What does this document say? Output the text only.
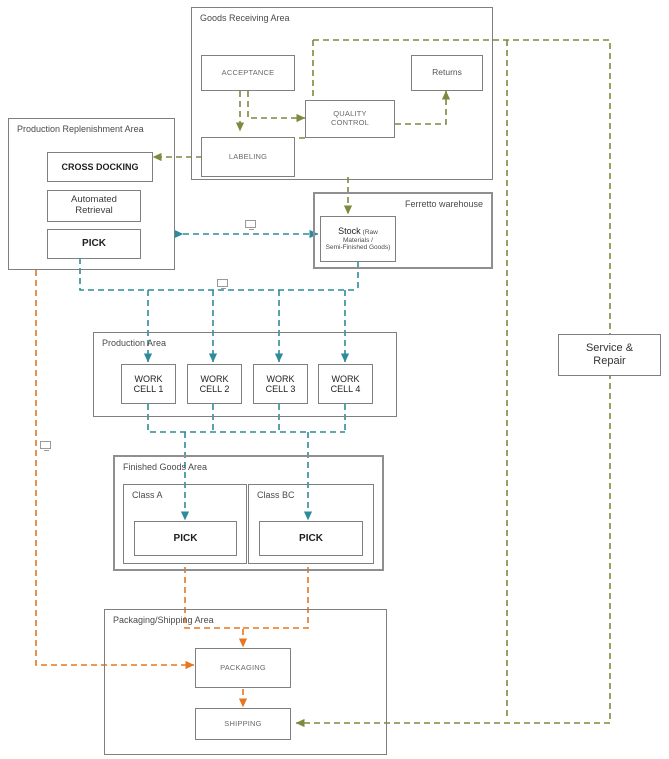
Goods Receiving Area
Production Replenishment Area
Ferretto warehouse
Production Area
Finished Goods Area
Class A	Class BC
Packaging/Shipping Area
ACCEPTANCE	Returns
QUALITY
CONTROL
LABELING
CROSS DOCKING
Automated
Retrieval
PICK
Stock (Raw
Materials /
Semi-Finished Goods)
Service &
Repair
WORK
CELL 1
WORK
CELL 2
WORK
CELL 3
WORK
CELL 4
PICK	PICK
PACKAGING
SHIPPING
